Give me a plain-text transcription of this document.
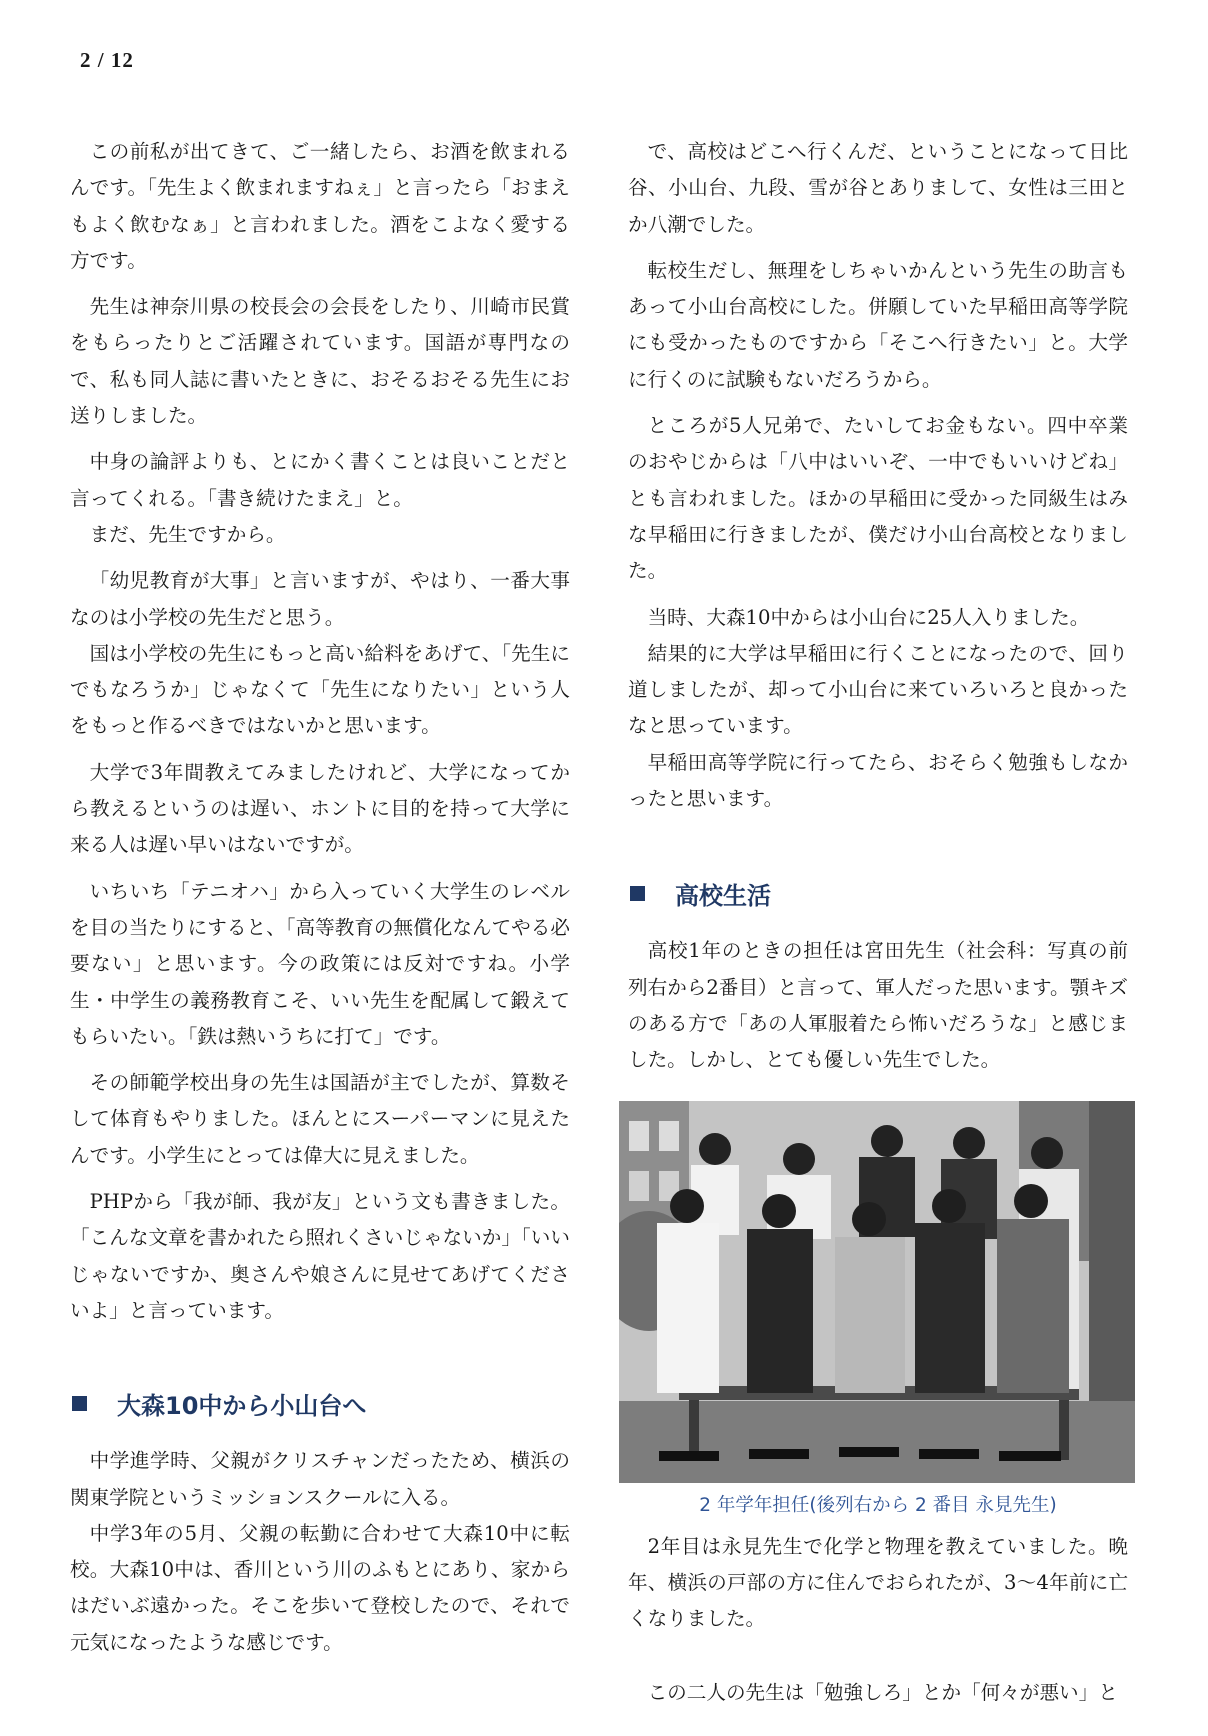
2 / 12

この前私が出てきて、ご一緒したら、お酒を飲まれるんです。「先生よく飲まれますねぇ」と言ったら「おまえもよく飲むなぁ」と言われました。酒をこよなく愛する方です。

先生は神奈川県の校長会の会長をしたり、川崎市民賞をもらったりとご活躍されています。国語が専門なので、私も同人誌に書いたときに、おそるおそる先生にお送りしました。

中身の論評よりも、とにかく書くことは良いことだと言ってくれる。「書き続けたまえ」と。

まだ、先生ですから。

「幼児教育が大事」と言いますが、やはり、一番大事なのは小学校の先生だと思う。

国は小学校の先生にもっと高い給料をあげて、「先生にでもなろうか」じゃなくて「先生になりたい」という人をもっと作るべきではないかと思います。

大学で3年間教えてみましたけれど、大学になってから教えるというのは遅い、ホントに目的を持って大学に来る人は遅い早いはないですが。

いちいち「テニオハ」から入っていく大学生のレベルを目の当たりにすると、「高等教育の無償化なんてやる必要ない」と思います。今の政策には反対ですね。小学生・中学生の義務教育こそ、いい先生を配属して鍛えてもらいたい。「鉄は熱いうちに打て」です。

その師範学校出身の先生は国語が主でしたが、算数そして体育もやりました。ほんとにスーパーマンに見えたんです。小学生にとっては偉大に見えました。

PHPから「我が師、我が友」という文も書きました。「こんな文章を書かれたら照れくさいじゃないか」「いいじゃないですか、奥さんや娘さんに見せてあげてくださいよ」と言っています。

大森10中から小山台へ

中学進学時、父親がクリスチャンだったため、横浜の関東学院というミッションスクールに入る。

中学3年の5月、父親の転勤に合わせて大森10中に転校。大森10中は、香川という川のふもとにあり、家からはだいぶ遠かった。そこを歩いて登校したので、それで元気になったような感じです。

で、高校はどこへ行くんだ、ということになって日比谷、小山台、九段、雪が谷とありまして、女性は三田とか八潮でした。

転校生だし、無理をしちゃいかんという先生の助言もあって小山台高校にした。併願していた早稲田高等学院にも受かったものですから「そこへ行きたい」と。大学に行くのに試験もないだろうから。

ところが5人兄弟で、たいしてお金もない。四中卒業のおやじからは「八中はいいぞ、一中でもいいけどね」とも言われました。ほかの早稲田に受かった同級生はみな早稲田に行きましたが、僕だけ小山台高校となりました。

当時、大森10中からは小山台に25人入りました。

結果的に大学は早稲田に行くことになったので、回り道しましたが、却って小山台に来ていろいろと良かったなと思っています。

早稲田高等学院に行ってたら、おそらく勉強もしなかったと思います。

高校生活

高校1年のときの担任は宮田先生（社会科：写真の前列右から2番目）と言って、軍人だった思います。顎キズのある方で「あの人軍服着たら怖いだろうな」と感じました。しかし、とても優しい先生でした。

2 年学年担任(後列右から 2 番目 永見先生)

2年目は永見先生で化学と物理を教えていました。晩年、横浜の戸部の方に住んでおられたが、3〜4年前に亡くなりました。

この二人の先生は「勉強しろ」とか「何々が悪い」と
